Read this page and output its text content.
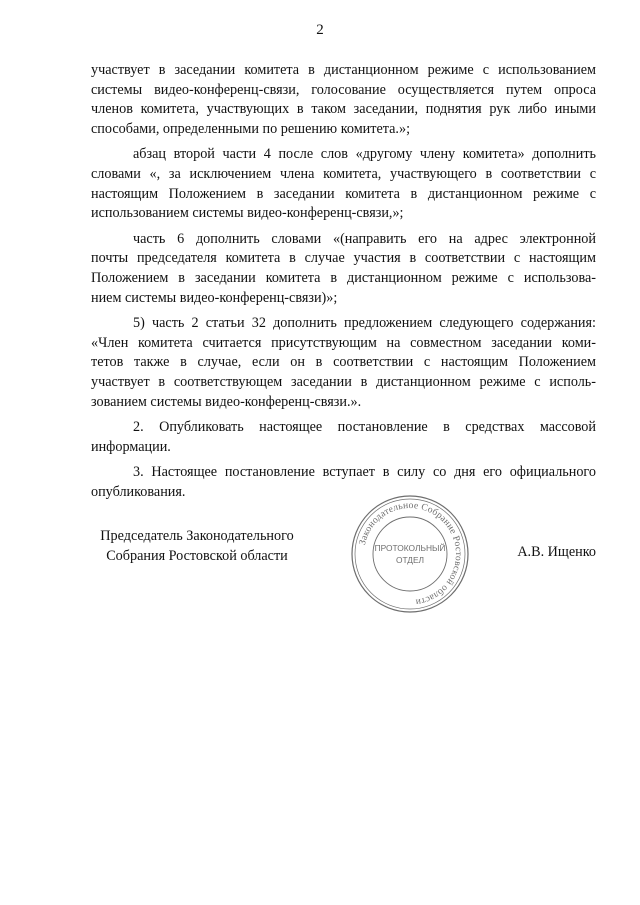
2

участвует в заседании комитета в дистанционном режиме с использованием
системы видео-конференц-связи, голосование осуществляется путем опроса
членов комитета, участвующих в таком заседании, поднятия рук либо иными
способами, определенными по решению комитета.»;

абзац второй части 4 после слов «другому члену комитета» дополнить
словами «, за исключением члена комитета, участвующего в соответствии с
настоящим Положением в заседании комитета в дистанционном режиме с
использованием системы видео-конференц-связи,»;

часть 6 дополнить словами «(направить его на адрес электронной
почты председателя комитета в случае участия в соответствии с настоящим
Положением в заседании комитета в дистанционном режиме с использова-
нием системы видео-конференц-связи)»;

5) часть 2 статьи 32 дополнить предложением следующего содержания:
«Член комитета считается присутствующим на совместном заседании коми-
тетов также в случае, если он в соответствии с настоящим Положением
участвует в соответствующем заседании в дистанционном режиме с исполь-
зованием системы видео-конференц-связи.».

2. Опубликовать настоящее постановление в средствах массовой
информации.

3. Настоящее постановление вступает в силу со дня его официального
опубликования.

Председатель Законодательного
Собрания Ростовской области
Законодательное Собрание Ростовской области
ПРОТОКОЛЬНЫЙ
ОТДЕЛ	А.В. Ищенко
